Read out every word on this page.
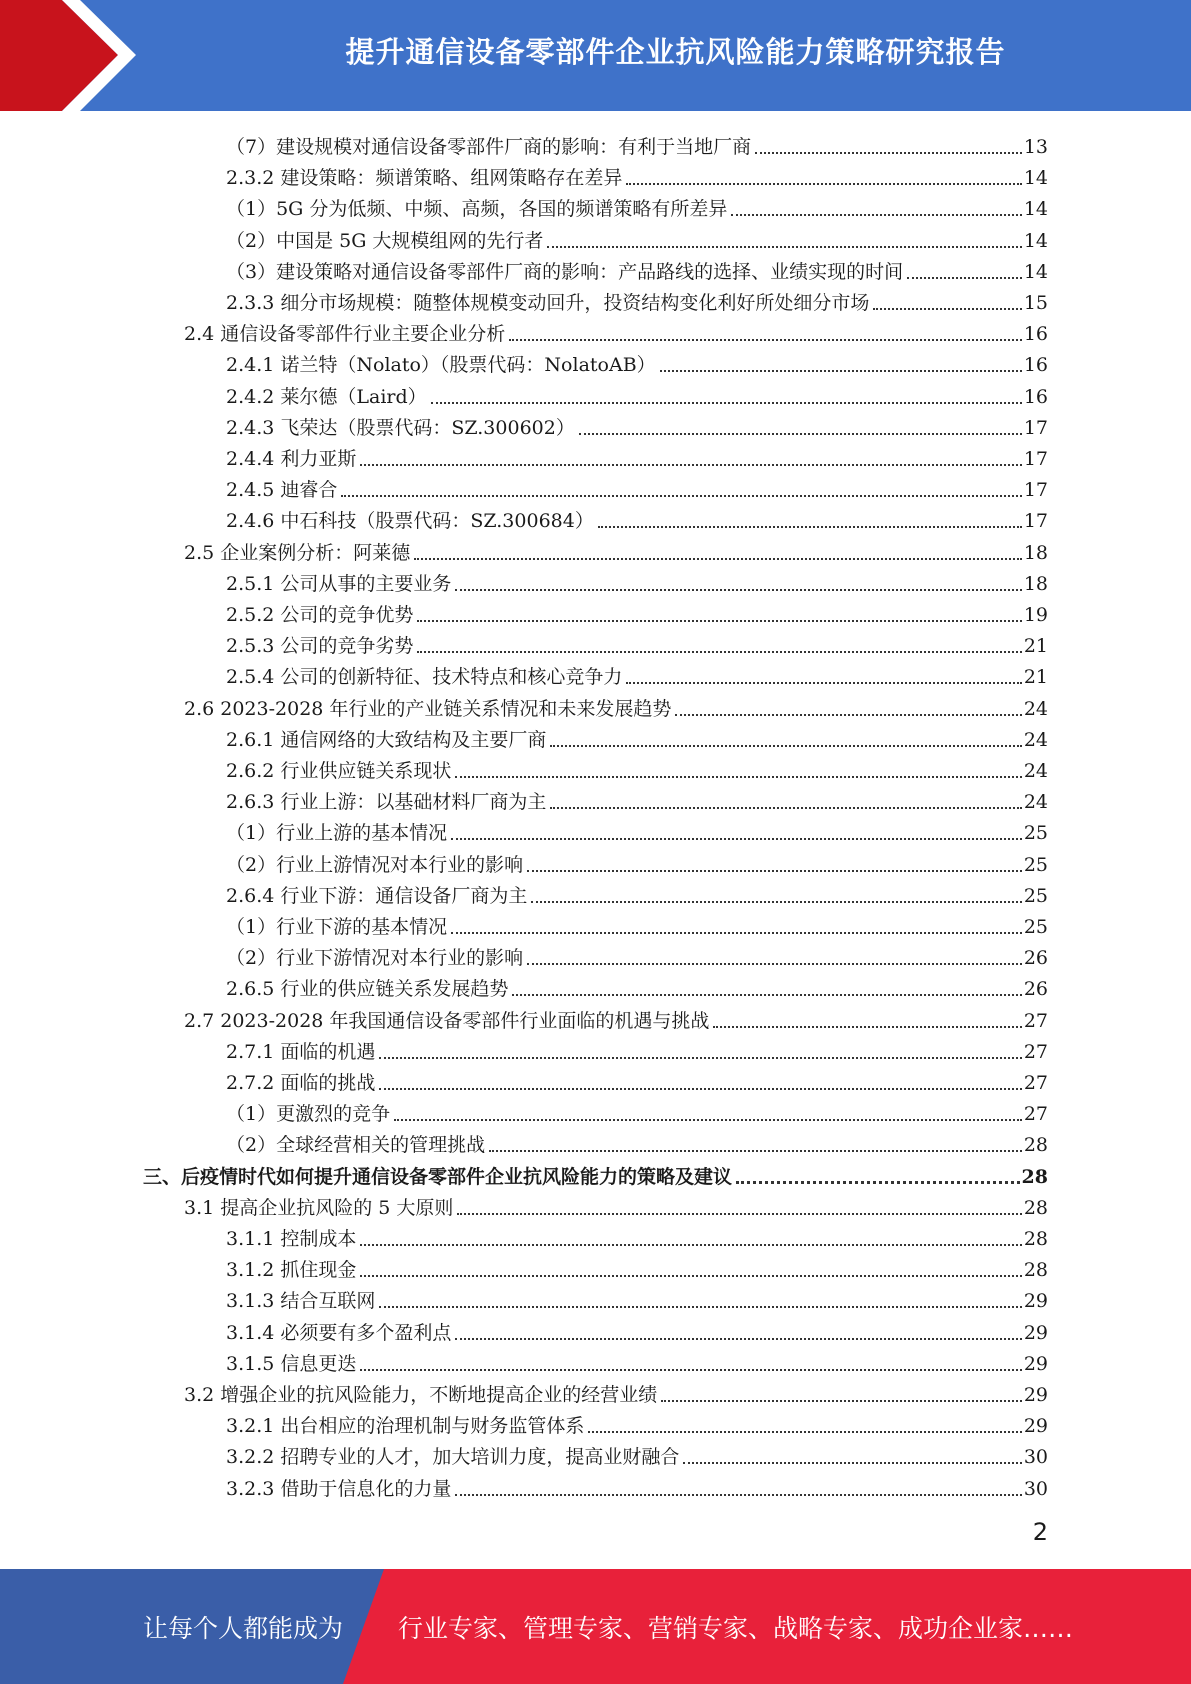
提升通信设备零部件企业抗风险能力策略研究报告
（7）建设规模对通信设备零部件厂商的影响：有利于当地厂商	13
2.3.2 建设策略：频谱策略、组网策略存在差异	14
（1）5G 分为低频、中频、高频，各国的频谱策略有所差异	14
（2）中国是 5G 大规模组网的先行者	14
（3）建设策略对通信设备零部件厂商的影响：产品路线的选择、业绩实现的时间	14
2.3.3 细分市场规模：随整体规模变动回升，投资结构变化利好所处细分市场	15
2.4 通信设备零部件行业主要企业分析	16
2.4.1 诺兰特（Nolato）（股票代码：NolatoAB）	16
2.4.2 莱尔德（Laird）	16
2.4.3 飞荣达（股票代码：SZ.300602）	17
2.4.4 利力亚斯	17
2.4.5 迪睿合	17
2.4.6 中石科技（股票代码：SZ.300684）	17
2.5 企业案例分析：阿莱德	18
2.5.1 公司从事的主要业务	18
2.5.2 公司的竞争优势	19
2.5.3 公司的竞争劣势	21
2.5.4 公司的创新特征、技术特点和核心竞争力	21
2.6 2023-2028 年行业的产业链关系情况和未来发展趋势	24
2.6.1 通信网络的大致结构及主要厂商	24
2.6.2 行业供应链关系现状	24
2.6.3 行业上游：以基础材料厂商为主	24
（1）行业上游的基本情况	25
（2）行业上游情况对本行业的影响	25
2.6.4 行业下游：通信设备厂商为主	25
（1）行业下游的基本情况	25
（2）行业下游情况对本行业的影响	26
2.6.5 行业的供应链关系发展趋势	26
2.7 2023-2028 年我国通信设备零部件行业面临的机遇与挑战	27
2.7.1 面临的机遇	27
2.7.2 面临的挑战	27
（1）更激烈的竞争	27
（2）全球经营相关的管理挑战	28
三、后疫情时代如何提升通信设备零部件企业抗风险能力的策略及建议	28
3.1 提高企业抗风险的 5 大原则	28
3.1.1 控制成本	28
3.1.2 抓住现金	28
3.1.3 结合互联网	29
3.1.4 必须要有多个盈利点	29
3.1.5 信息更迭	29
3.2 增强企业的抗风险能力，不断地提高企业的经营业绩	29
3.2.1 出台相应的治理机制与财务监管体系	29
3.2.2 招聘专业的人才，加大培训力度，提高业财融合	30
3.2.3 借助于信息化的力量	30
2
让每个人都能成为 行业专家、管理专家、营销专家、战略专家、成功企业家……
